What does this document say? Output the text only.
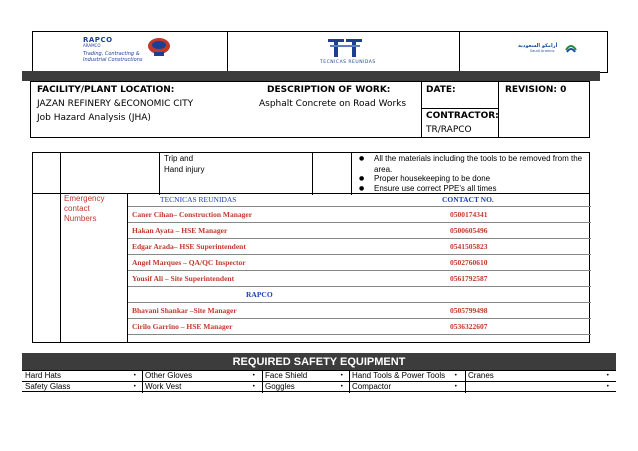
RAPCO
ARAMCO
Trading, Contracting &
Industrial Constructions	TECNICAS REUNIDAS
أرامكو السعودية
Saudi Aramco
FACILITY/PLANT LOCATION:
JAZAN REFINERY &ECONOMIC CITY
Job Hazard Analysis (JHA)
DESCRIPTION OF WORK:
Asphalt Concrete on Road Works
DATE:
CONTRACTOR:
TR/RAPCO
REVISION: 0
Trip and
Hand injury
● All the materials including the tools to be removed from the
area.
● Proper housekeeping to be done
● Ensure use correct PPE's all times
Emergency
contact
Numbers
TECNICAS REUNIDAS	CONTACT NO.
Caner Cihan– Construction Manager	0500174341
Hakan Ayata – HSE Manager	0500605496
Edgar Arada– HSE Superintendent	0541505823
Angel Marques – QA/QC Inspector	0502760610
Yousif Ali – Site Superintendent	0561792587
RAPCO
Bhavani Shankar –Site Manager	0505799498
Cirilo Garrino – HSE Manager	0536322607
REQUIRED SAFETY EQUIPMENT
Hard Hats	•	Other Gloves	•	Face Shield	•	Hand Tools & Power Tools •	Cranes	•
Safety Glass	•	Work Vest	•	Goggles	•	Compactor	•	•
